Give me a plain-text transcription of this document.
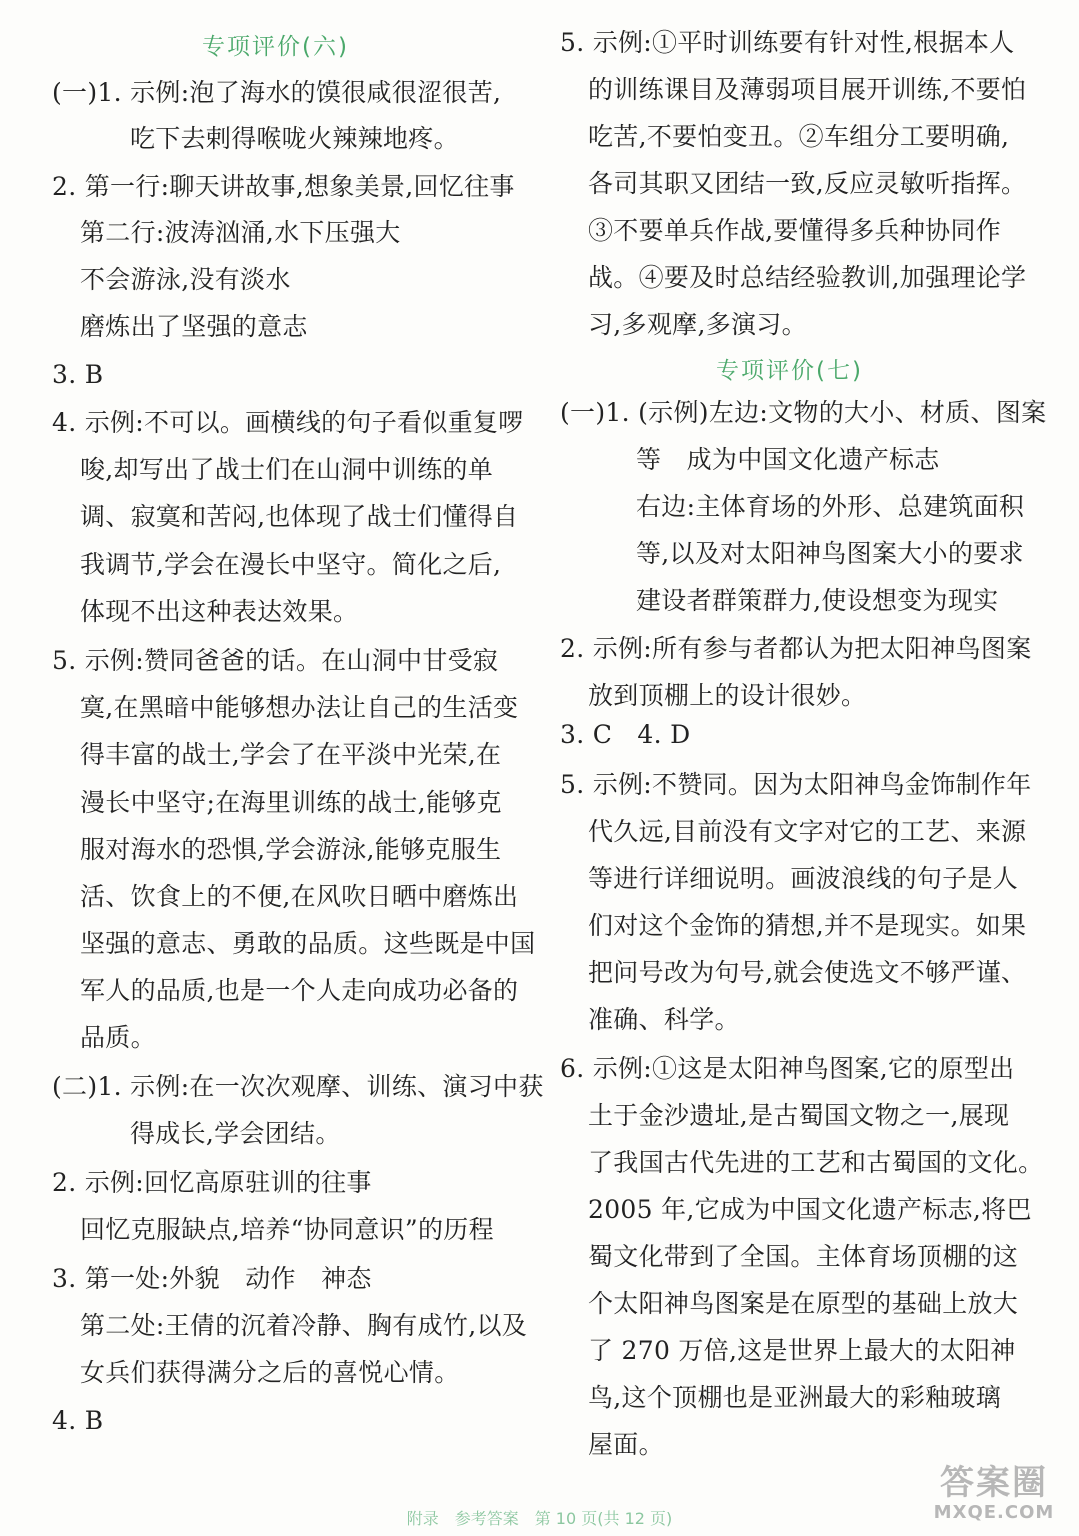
专项评价(六)
(一)1. 示例:泡了海水的馍很咸很涩很苦,
吃下去剌得喉咙火辣辣地疼。
2. 第一行:聊天讲故事,想象美景,回忆往事
第二行:波涛汹涌,水下压强大
不会游泳,没有淡水
磨炼出了坚强的意志
3. B
4. 示例:不可以。画横线的句子看似重复啰
唆,却写出了战士们在山洞中训练的单
调、寂寞和苦闷,也体现了战士们懂得自
我调节,学会在漫长中坚守。简化之后,
体现不出这种表达效果。
5. 示例:赞同爸爸的话。在山洞中甘受寂
寞,在黑暗中能够想办法让自己的生活变
得丰富的战士,学会了在平淡中光荣,在
漫长中坚守;在海里训练的战士,能够克
服对海水的恐惧,学会游泳,能够克服生
活、饮食上的不便,在风吹日晒中磨炼出
坚强的意志、勇敢的品质。这些既是中国
军人的品质,也是一个人走向成功必备的
品质。
(二)1. 示例:在一次次观摩、训练、演习中获
得成长,学会团结。
2. 示例:回忆高原驻训的往事
回忆克服缺点,培养“协同意识”的历程
3. 第一处:外貌　动作　神态
第二处:王倩的沉着冷静、胸有成竹,以及
女兵们获得满分之后的喜悦心情。
4. B
5. 示例:①平时训练要有针对性,根据本人
的训练课目及薄弱项目展开训练,不要怕
吃苦,不要怕变丑。②车组分工要明确,
各司其职又团结一致,反应灵敏听指挥。
③不要单兵作战,要懂得多兵种协同作
战。④要及时总结经验教训,加强理论学
习,多观摩,多演习。
专项评价(七)
(一)1. (示例)左边:文物的大小、材质、图案
等　成为中国文化遗产标志
右边:主体育场的外形、总建筑面积
等,以及对太阳神鸟图案大小的要求
建设者群策群力,使设想变为现实
2. 示例:所有参与者都认为把太阳神鸟图案
放到顶棚上的设计很妙。
3. C　4. D
5. 示例:不赞同。因为太阳神鸟金饰制作年
代久远,目前没有文字对它的工艺、来源
等进行详细说明。画波浪线的句子是人
们对这个金饰的猜想,并不是现实。如果
把问号改为句号,就会使选文不够严谨、
准确、科学。
6. 示例:①这是太阳神鸟图案,它的原型出
土于金沙遗址,是古蜀国文物之一,展现
了我国古代先进的工艺和古蜀国的文化。
2005 年,它成为中国文化遗产标志,将巴
蜀文化带到了全国。主体育场顶棚的这
个太阳神鸟图案是在原型的基础上放大
了 270 万倍,这是世界上最大的太阳神
鸟,这个顶棚也是亚洲最大的彩釉玻璃
屋面。
附录　参考答案　第 10 页(共 12 页)
答案圈
MXQE.COM
